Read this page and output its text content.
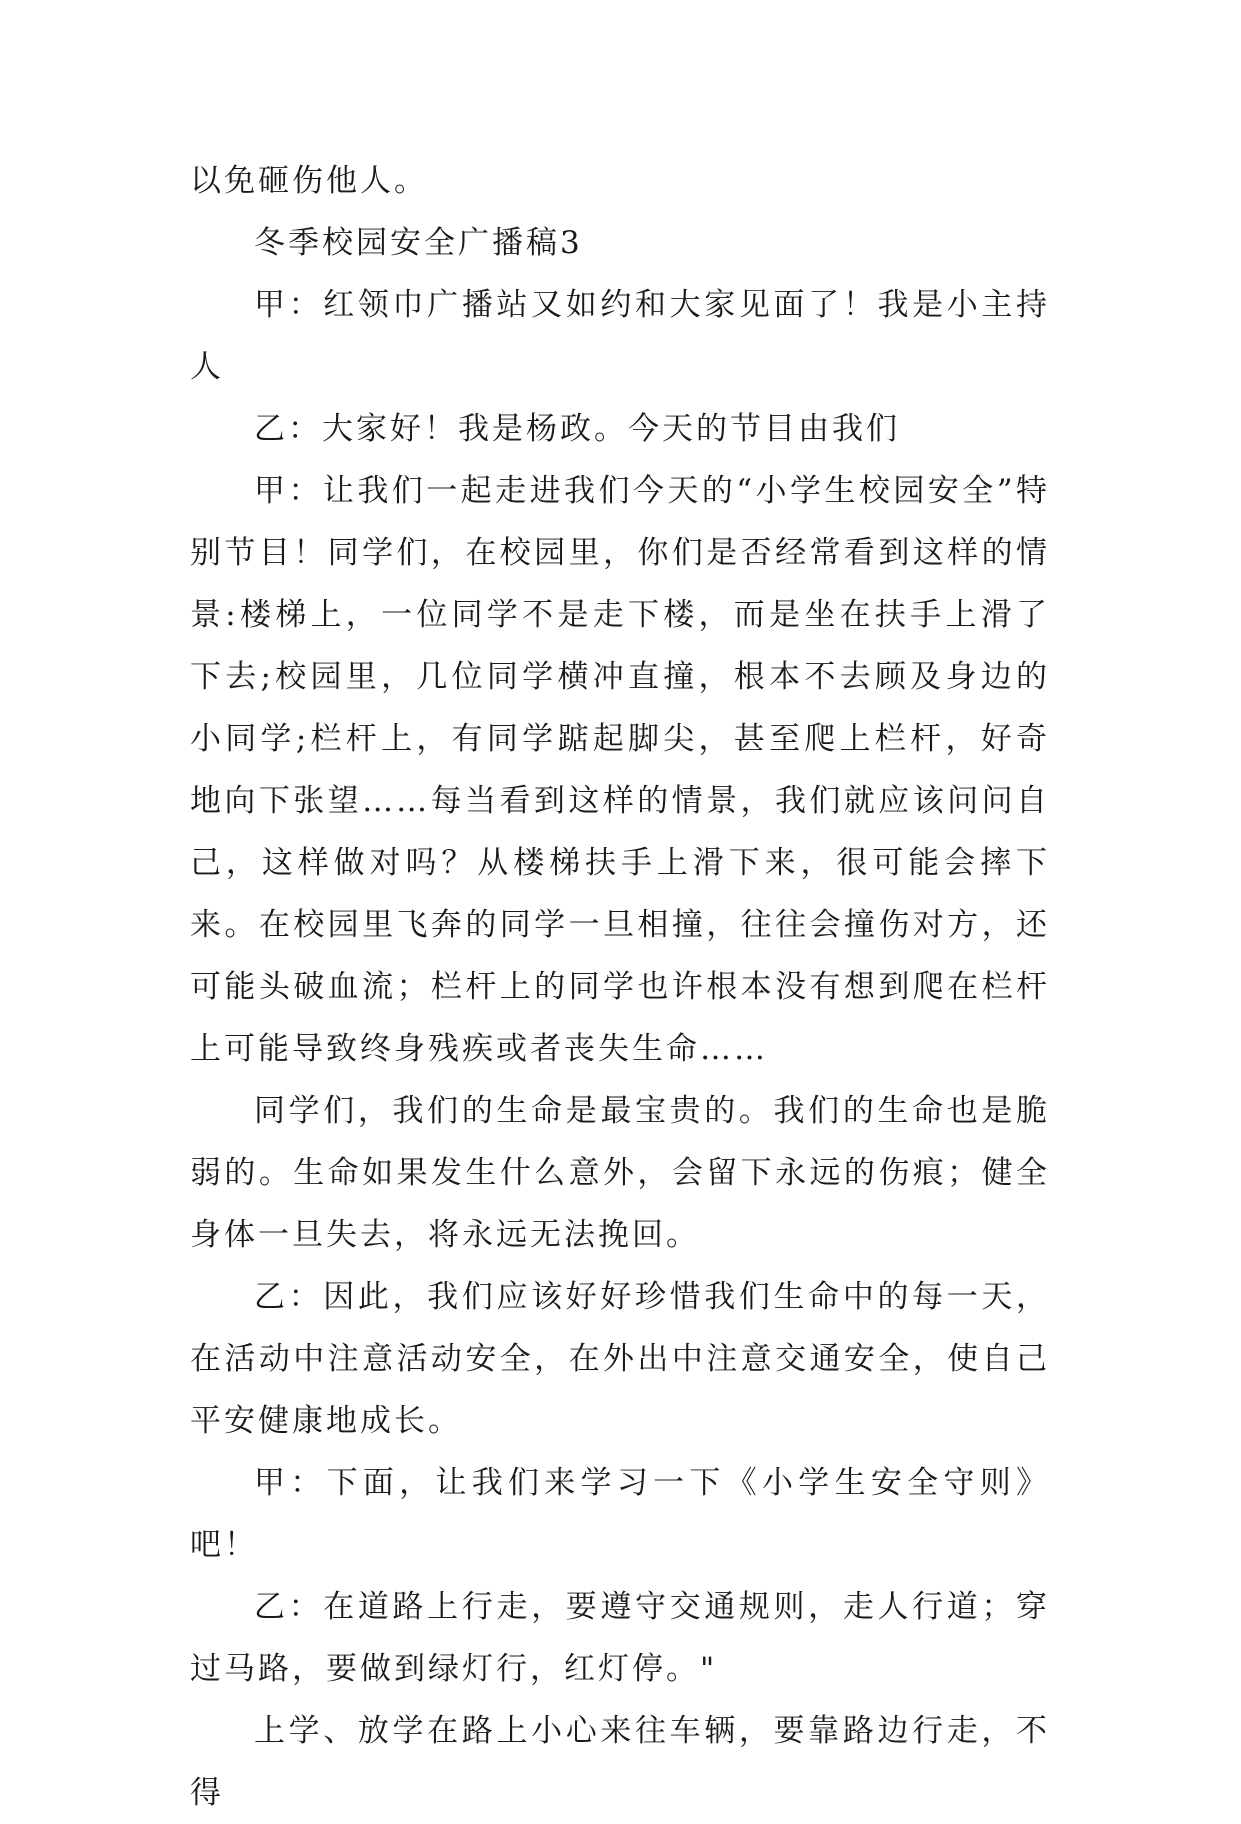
以免砸伤他人。

冬季校园安全广播稿3

甲：红领巾广播站又如约和大家见面了！我是小主持人

乙：大家好！我是杨政。今天的节目由我们

甲：让我们一起走进我们今天的“小学生校园安全”特别节目！同学们，在校园里，你们是否经常看到这样的情景:楼梯上，一位同学不是走下楼，而是坐在扶手上滑了下去;校园里，几位同学横冲直撞，根本不去顾及身边的小同学;栏杆上，有同学踮起脚尖，甚至爬上栏杆，好奇地向下张望……每当看到这样的情景，我们就应该问问自己，这样做对吗？从楼梯扶手上滑下来，很可能会摔下来。在校园里飞奔的同学一旦相撞，往往会撞伤对方，还可能头破血流；栏杆上的同学也许根本没有想到爬在栏杆上可能导致终身残疾或者丧失生命……

同学们，我们的生命是最宝贵的。我们的生命也是脆弱的。生命如果发生什么意外，会留下永远的伤痕；健全身体一旦失去，将永远无法挽回。

乙：因此，我们应该好好珍惜我们生命中的每一天，在活动中注意活动安全，在外出中注意交通安全，使自己平安健康地成长。

甲：下面，让我们来学习一下《小学生安全守则》吧！

乙：在道路上行走，要遵守交通规则，走人行道；穿过马路，要做到绿灯行，红灯停。"

上学、放学在路上小心来往车辆，要靠路边行走，不得
